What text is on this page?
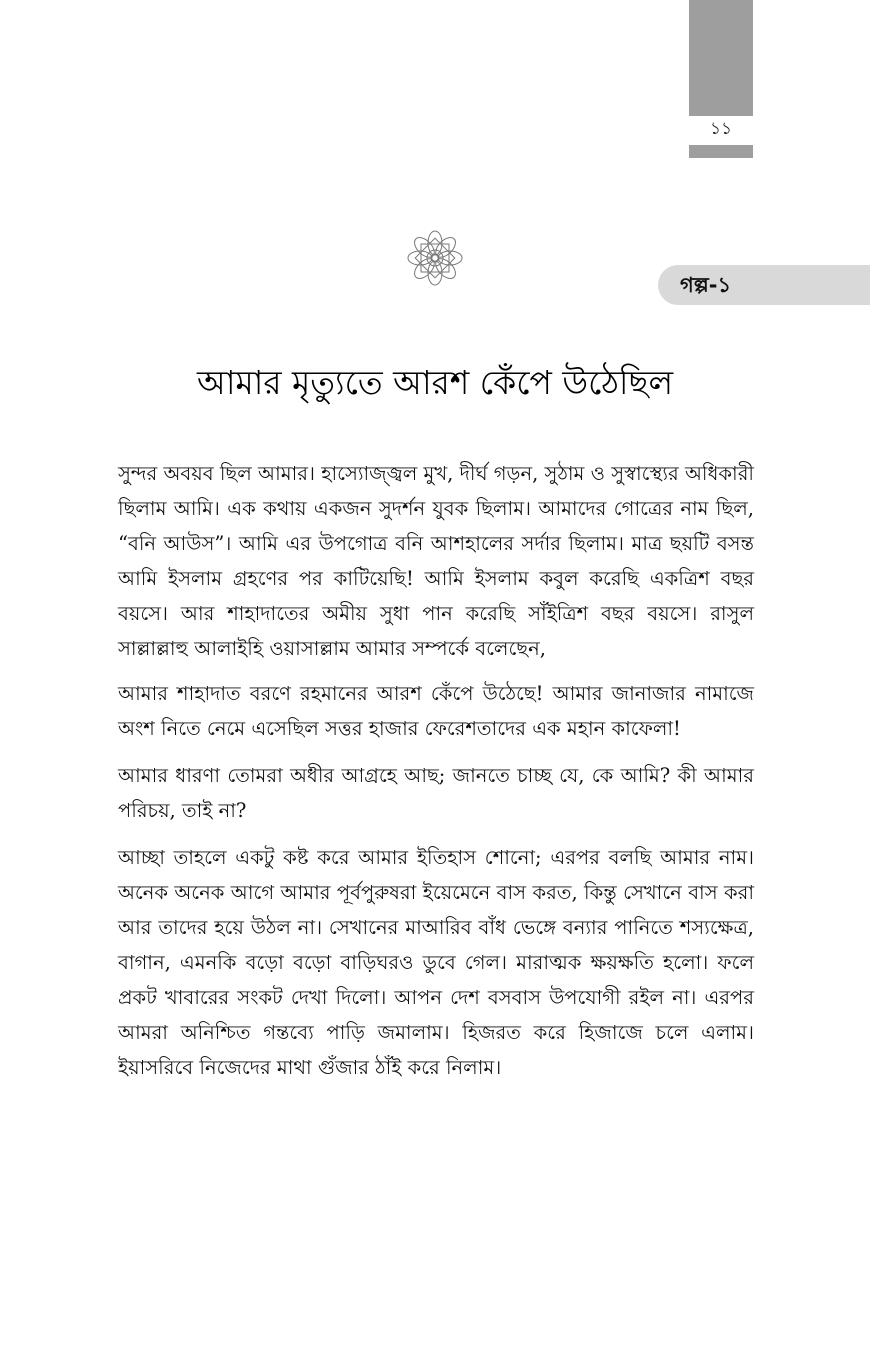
১১
গল্প-১
আমার মৃত্যুতে আরশ কেঁপে উঠেছিল

সুন্দর অবয়ব ছিল আমার। হাস্যোজ্জ্বল মুখ, দীর্ঘ গড়ন, সুঠাম ও সুস্বাস্থ্যের অধিকারী ছিলাম আমি। এক কথায় একজন সুদর্শন যুবক ছিলাম। আমাদের গোত্রের নাম ছিল, “বনি আউস”। আমি এর উপগোত্র বনি আশহালের সর্দার ছিলাম। মাত্র ছয়টি বসন্ত আমি ইসলাম গ্রহণের পর কাটিয়েছি! আমি ইসলাম কবুল করেছি একত্রিশ বছর বয়সে। আর শাহাদাতের অমীয় সুধা পান করেছি সাঁইত্রিশ বছর বয়সে। রাসুল সাল্লাল্লাহু আলাইহি ওয়াসাল্লাম আমার সম্পর্কে বলেছেন,

আমার শাহাদাত বরণে রহমানের আরশ কেঁপে উঠেছে! আমার জানাজার নামাজে অংশ নিতে নেমে এসেছিল সত্তর হাজার ফেরেশতাদের এক মহান কাফেলা!

আমার ধারণা তোমরা অধীর আগ্রহে আছ; জানতে চাচ্ছ যে, কে আমি? কী আমার পরিচয়, তাই না?

আচ্ছা তাহলে একটু কষ্ট করে আমার ইতিহাস শোনো; এরপর বলছি আমার নাম। অনেক অনেক আগে আমার পূর্বপুরুষরা ইয়েমেনে বাস করত, কিন্তু সেখানে বাস করা আর তাদের হয়ে উঠল না। সেখানের মাআরিব বাঁধ ভেঙ্গে বন্যার পানিতে শস্যক্ষেত্র, বাগান, এমনকি বড়ো বড়ো বাড়িঘরও ডুবে গেল। মারাত্মক ক্ষয়ক্ষতি হলো। ফলে প্রকট খাবারের সংকট দেখা দিলো। আপন দেশ বসবাস উপযোগী রইল না। এরপর আমরা অনিশ্চিত গন্তব্যে পাড়ি জমালাম। হিজরত করে হিজাজে চলে এলাম। ইয়াসরিবে নিজেদের মাথা গুঁজার ঠাঁই করে নিলাম।
